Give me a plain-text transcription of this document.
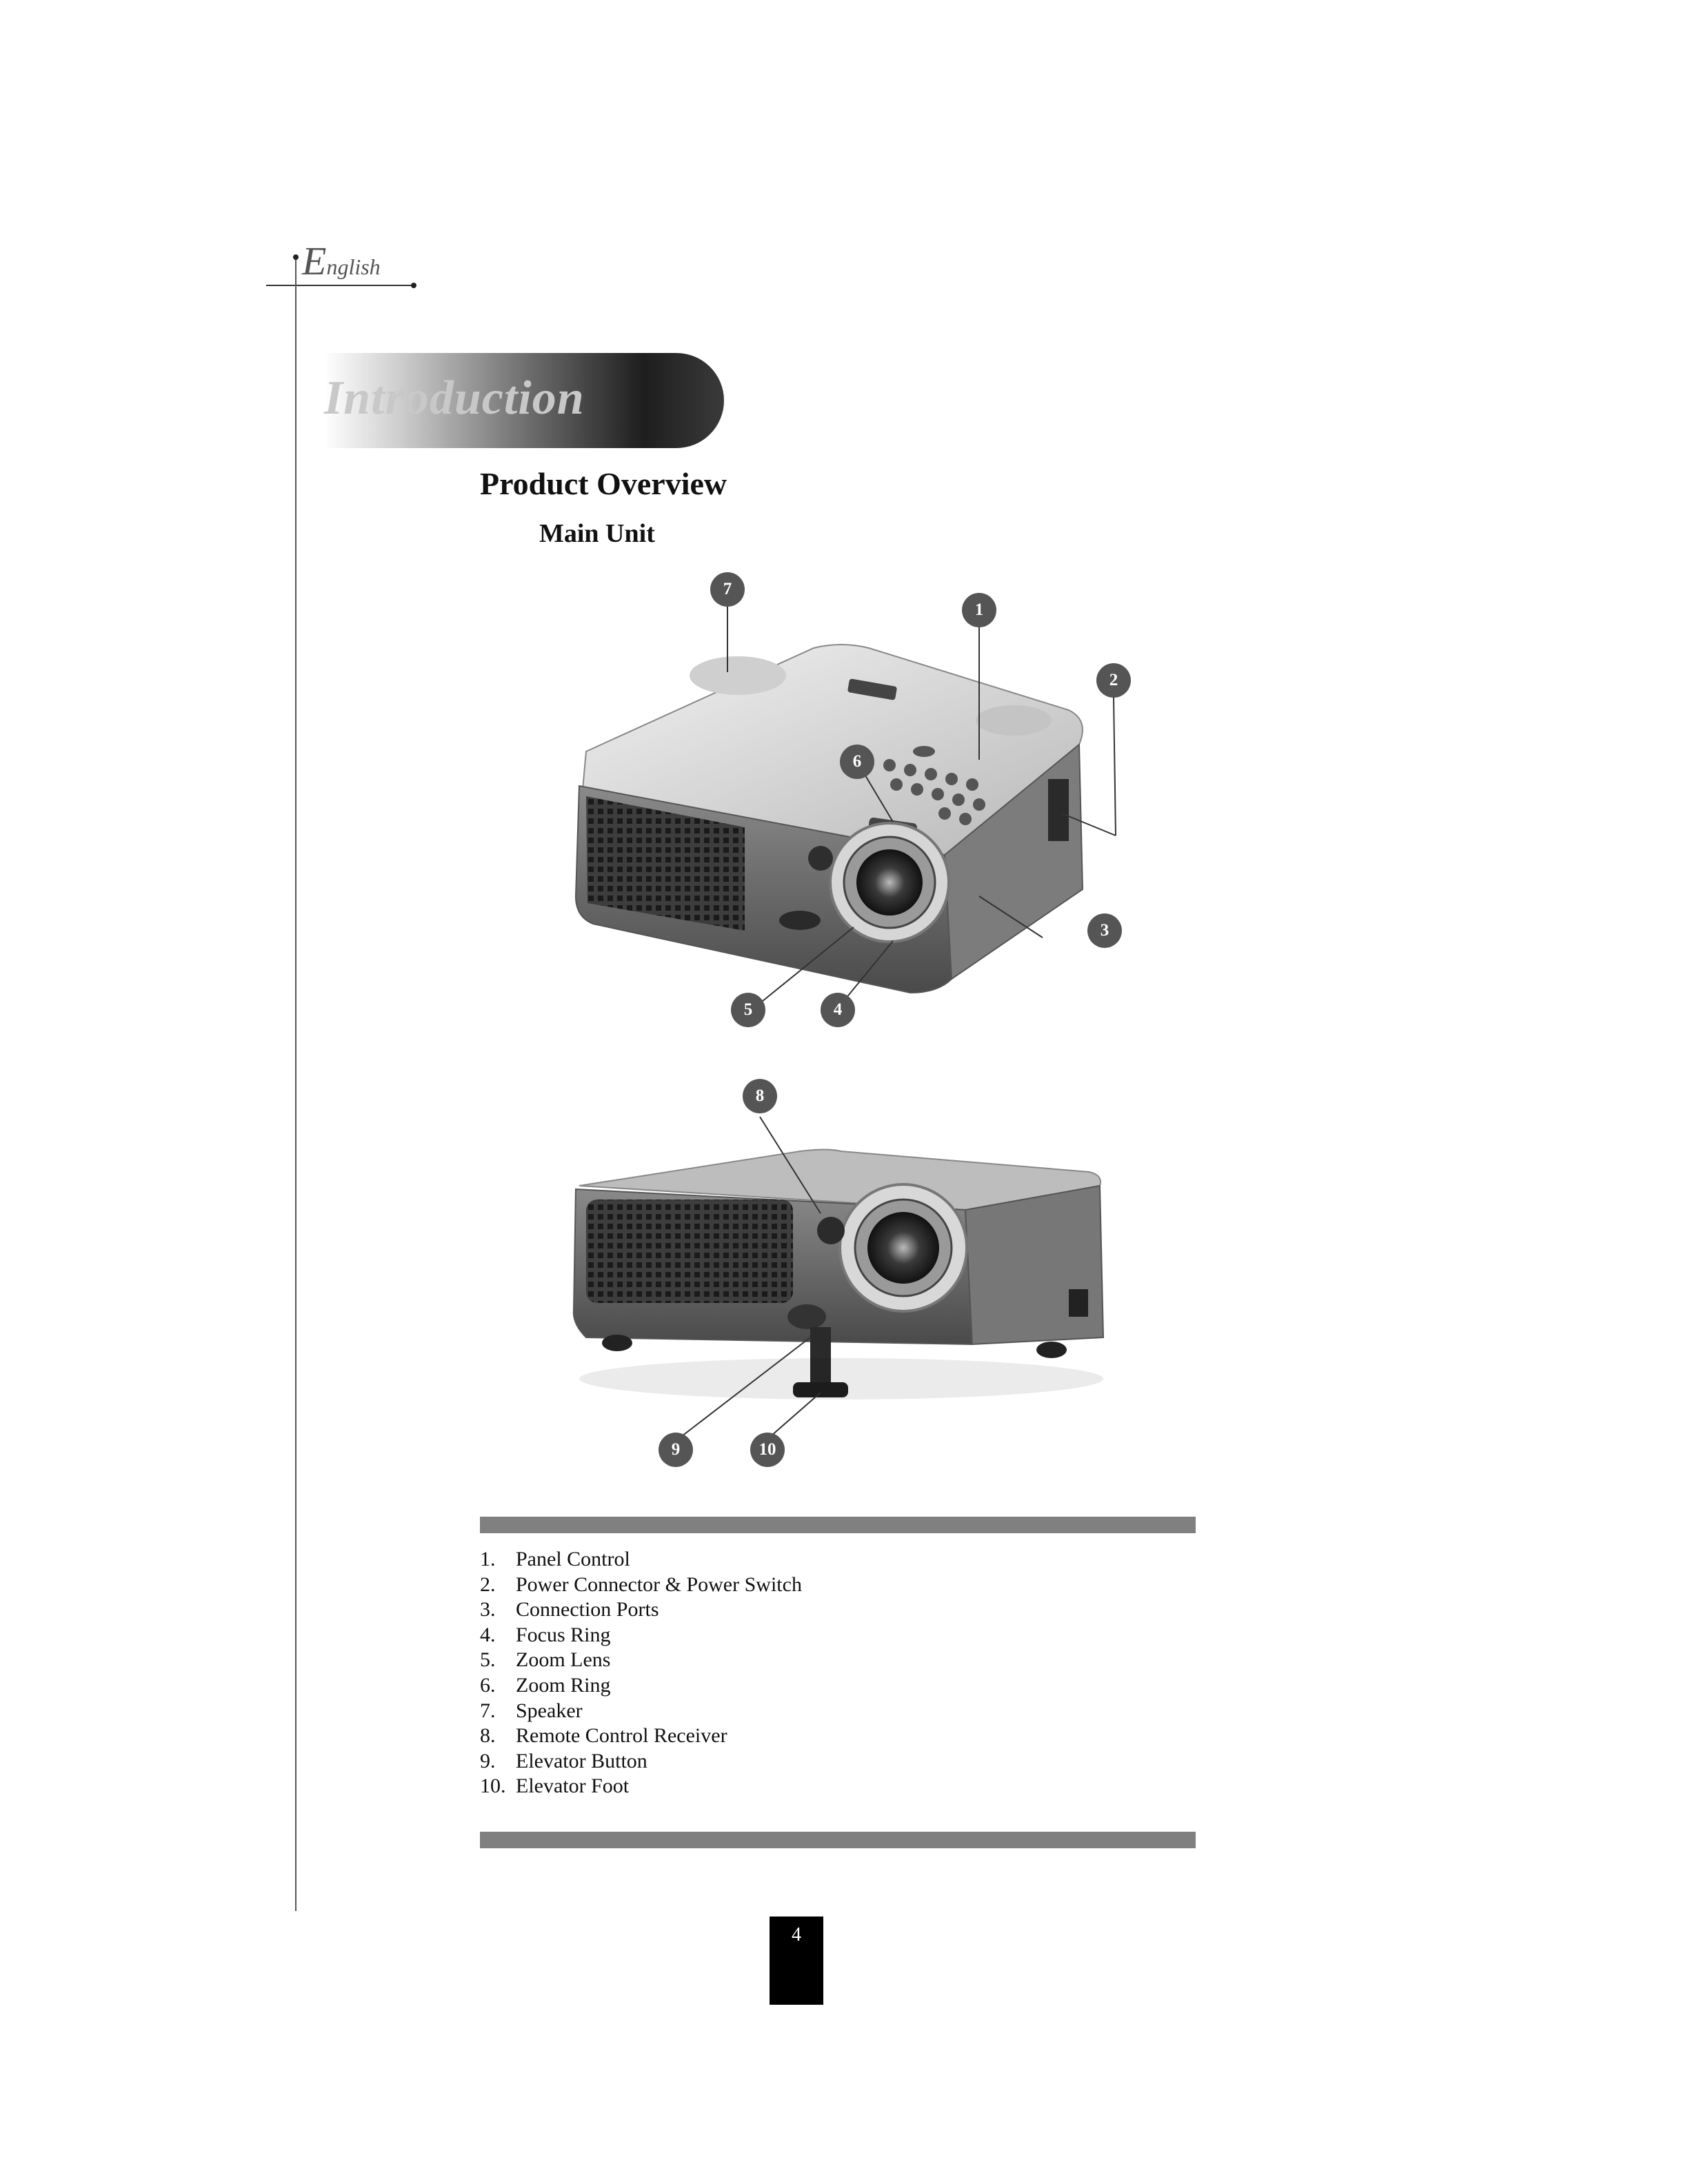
English
Introduction
Product Overview
Main Unit
7
1
2
6
3
5	4
8
9	10
1. Panel Control
2. Power Connector & Power Switch
3. Connection Ports
4. Focus Ring
5. Zoom Lens
6. Zoom Ring
7. Speaker
8. Remote Control Receiver
9. Elevator Button
10. Elevator Foot
4
